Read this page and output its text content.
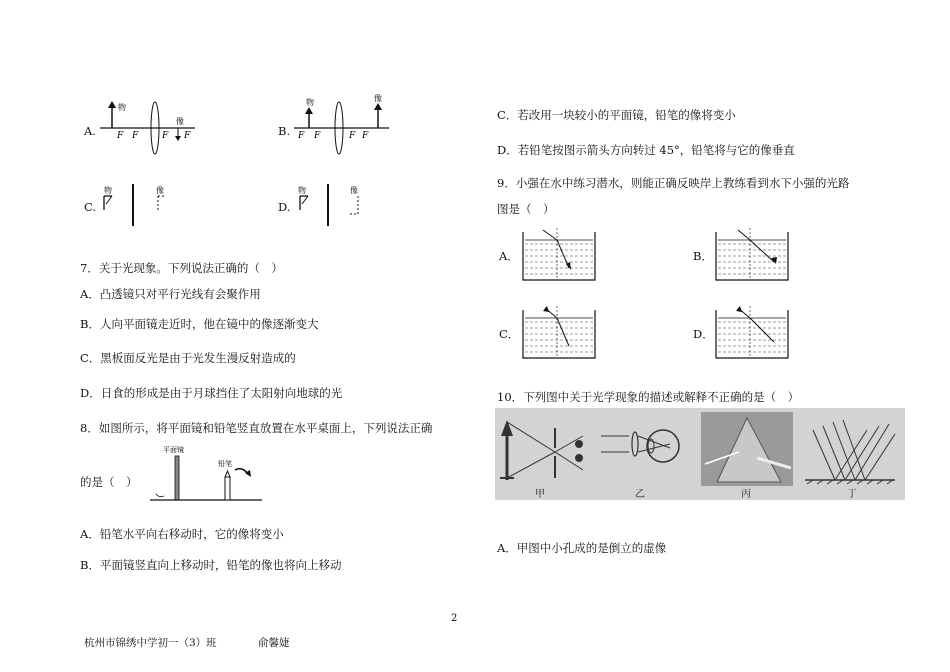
A.
物
F F	F F
像
B.
物
F F	F F
像
C.
物	像
D.
物	像
7．关于光现象。下列说法正确的（　）
A．凸透镜只对平行光线有会聚作用
B．人向平面镜走近时，他在镜中的像逐渐变大
C．黑板面反光是由于光发生漫反射造成的
D．日食的形成是由于月球挡住了太阳射向地球的光
8．如图所示，将平面镜和铅笔竖直放置在水平桌面上，下列说法正确
的是（　）
平面镜
铅笔
A．铅笔水平向右移动时，它的像将变小
B．平面镜竖直向上移动时，铅笔的像也将向上移动
C．若改用一块较小的平面镜，铅笔的像将变小
D．若铅笔按图示箭头方向转过 45°，铅笔将与它的像垂直
9．小强在水中练习潜水，则能正确反映岸上教练看到水下小强的光路
图是（　）
A．	B．
C．	D．
10．下列图中关于光学现象的描述或解释不正确的是（　）
甲	乙	丙	丁
A．甲图中小孔成的是倒立的虚像
2
杭州市锦绣中学初一（3）班	俞馨婕
